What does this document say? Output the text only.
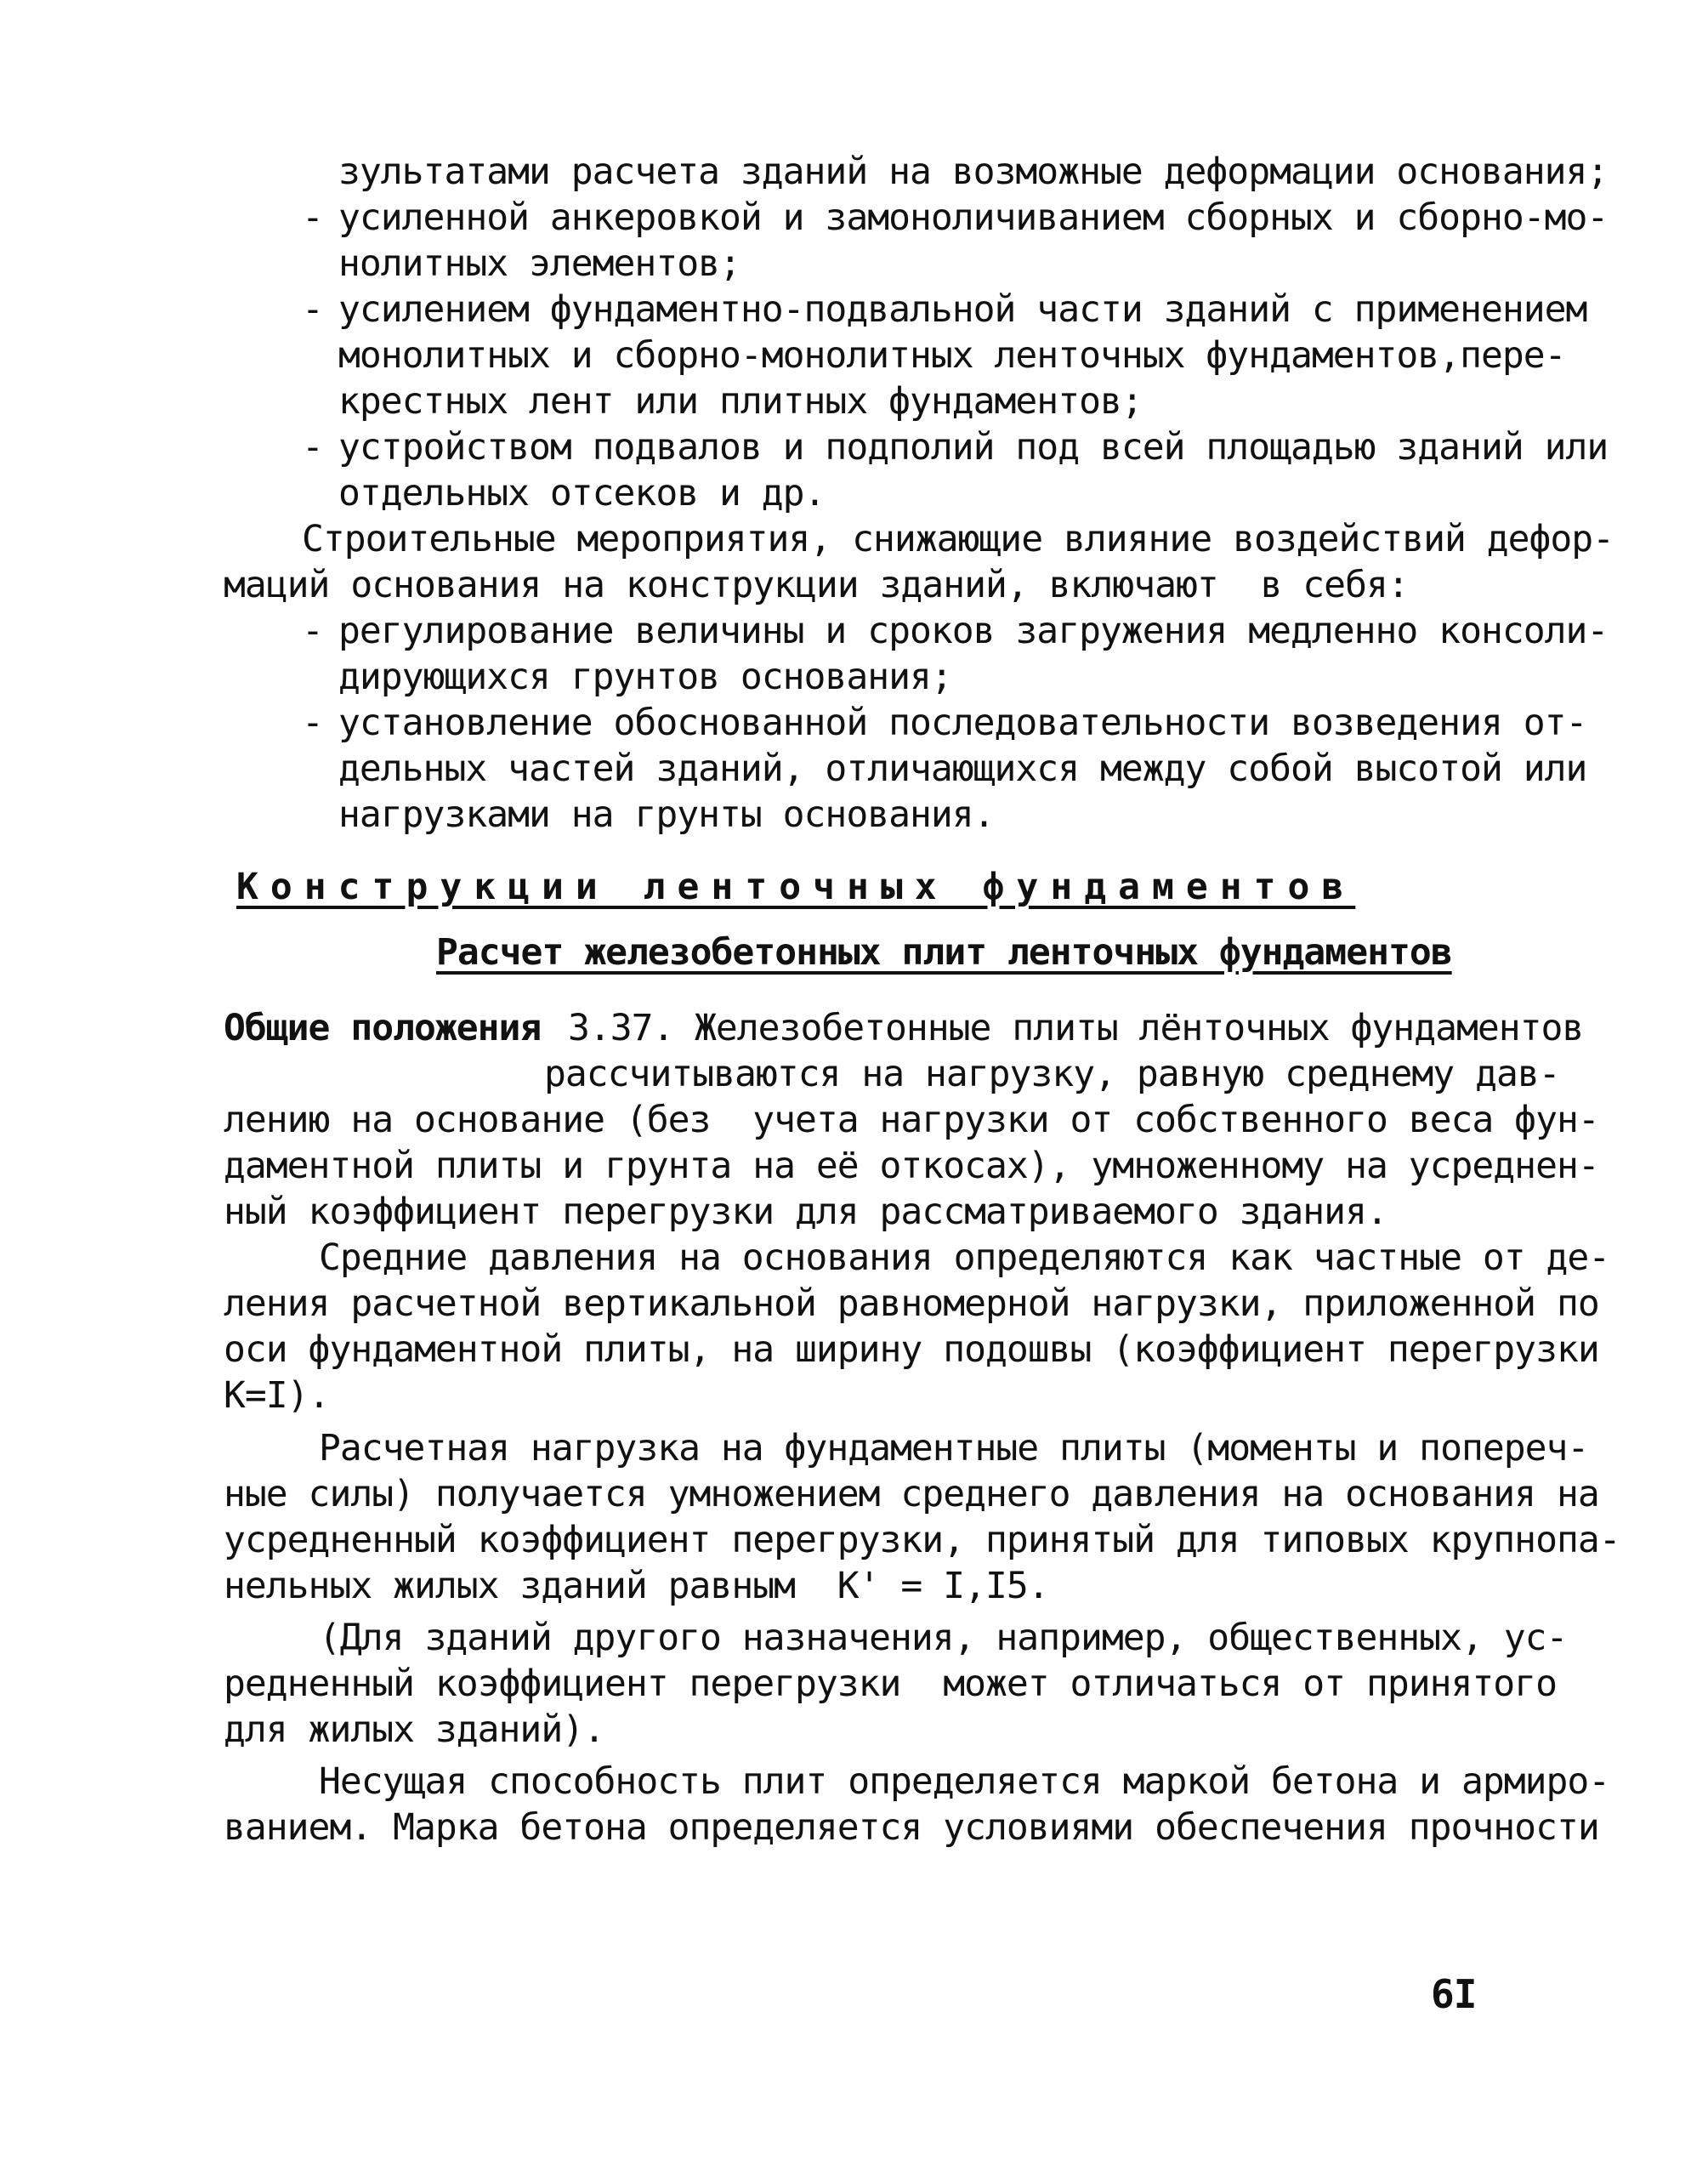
зультатами расчета зданий на возможные деформации основания;
- усиленной анкеровкой и замоноличиванием сборных и сборно-мо-
нолитных элементов;
- усилением фундаментно-подвальной части зданий с применением
монолитных и сборно-монолитных ленточных фундаментов,пере-
крестных лент или плитных фундаментов;
- устройством подвалов и подполий под всей площадью зданий или
отдельных отсеков и др.
Строительные мероприятия, снижающие влияние воздействий дефор-
маций основания на конструкции зданий, включают  в себя:
- регулирование величины и сроков загружения медленно консоли-
дирующихся грунтов основания;
- установление обоснованной последовательности возведения от-
дельных частей зданий, отличающихся между собой высотой или
нагрузками на грунты основания.
Конструкции ленточных фундаментов
Расчет железобетонных плит ленточных фундаментов
Общие положения 3.37. Железобетонные плиты лёнточных фундаментов
рассчитываются на нагрузку, равную среднему дав-
лению на основание (без  учета нагрузки от собственного веса фун-
даментной плиты и грунта на её откосах), умноженному на усреднен-
ный коэффициент перегрузки для рассматриваемого здания.
Средние давления на основания определяются как частные от де-
ления расчетной вертикальной равномерной нагрузки, приложенной по
оси фундаментной плиты, на ширину подошвы (коэффициент перегрузки
К=I).
Расчетная нагрузка на фундаментные плиты (моменты и попереч-
ные силы) получается умножением среднего давления на основания на
усредненный коэффициент перегрузки, принятый для типовых крупнопа-
нельных жилых зданий равным  К' = I,I5.
(Для зданий другого назначения, например, общественных, ус-
редненный коэффициент перегрузки  может отличаться от принятого
для жилых зданий).
Несущая способность плит определяется маркой бетона и армиро-
ванием. Марка бетона определяется условиями обеспечения прочности
6I
